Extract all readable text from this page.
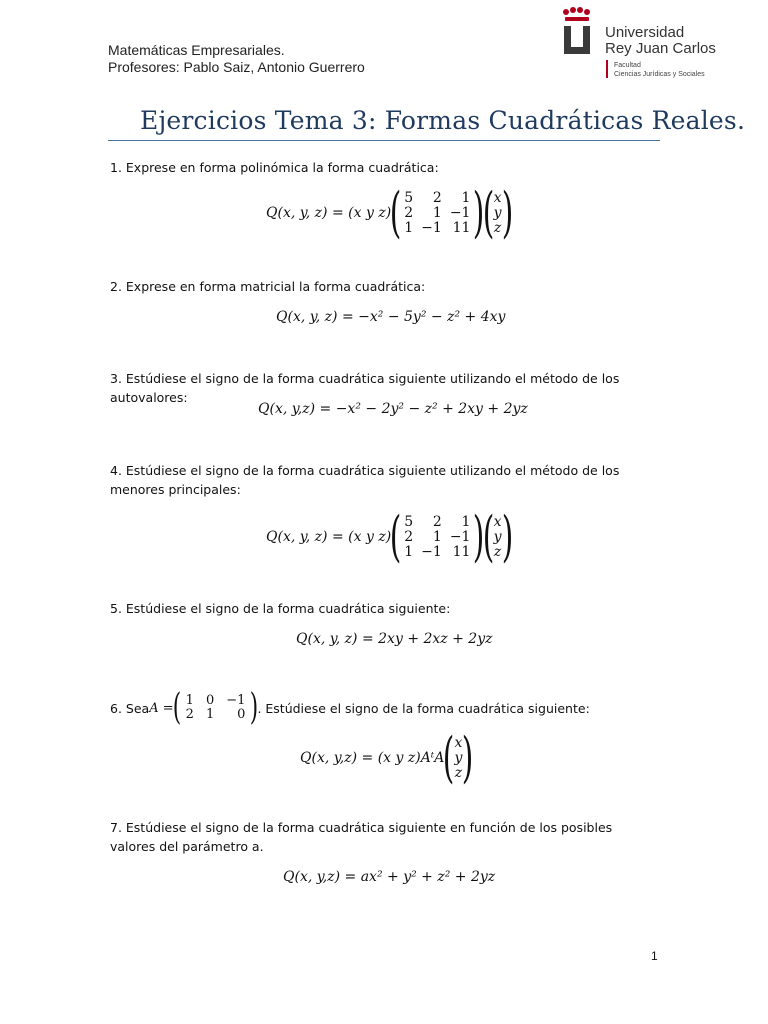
Matemáticas Empresariales.
Profesores: Pablo Saiz, Antonio Guerrero
Universidad
Rey Juan Carlos
Facultad
Ciencias Jurídicas y Sociales
Ejercicios Tema 3: Formas Cuadráticas Reales.
1. Exprese en forma polinómica la forma cuadrática:
Q(x, y, z) = (x y z)
( 5	2	1
2	1	−1
1	−1	11 )
( x
y
z )
2. Exprese en forma matricial la forma cuadrática:
Q(x, y, z) = −x² − 5y² − z² + 4xy
3. Estúdiese el signo de la forma cuadrática siguiente utilizando el método de los autovalores:
Q(x, y,z) = −x² − 2y² − z² + 2xy + 2yz
4. Estúdiese el signo de la forma cuadrática siguiente utilizando el método de los menores principales:
Q(x, y, z) = (x y z)
( 5	2	1
2	1	−1
1	−1	11 )
( x
y
z )
5. Estúdiese el signo de la forma cuadrática siguiente:
Q(x, y, z) = 2xy + 2xz + 2yz
6. Sea A =
( 1	0	−1
2	1	0 )
. Estúdiese el signo de la forma cuadrática siguiente:
Q(x, y,z) = (x y z)AᵗA
( x
y
z )
7. Estúdiese el signo de la forma cuadrática siguiente en función de los posibles valores del parámetro a.
Q(x, y,z) = ax² + y² + z² + 2yz
1
